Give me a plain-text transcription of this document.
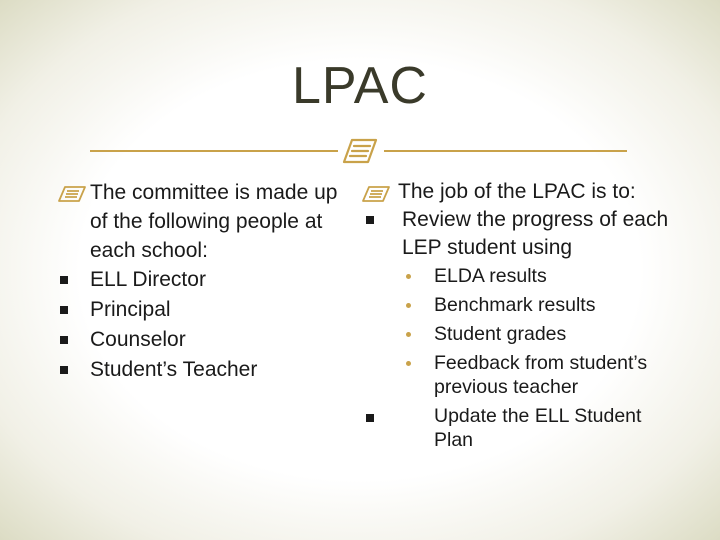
LPAC
The committee is made up of the following people at each school:
ELL Director
Principal
Counselor
Student’s Teacher
The job of the LPAC is to:
Review the progress of each LEP student using
ELDA results
Benchmark results
Student grades
Feedback from student’s previous teacher
Update the ELL Student Plan
